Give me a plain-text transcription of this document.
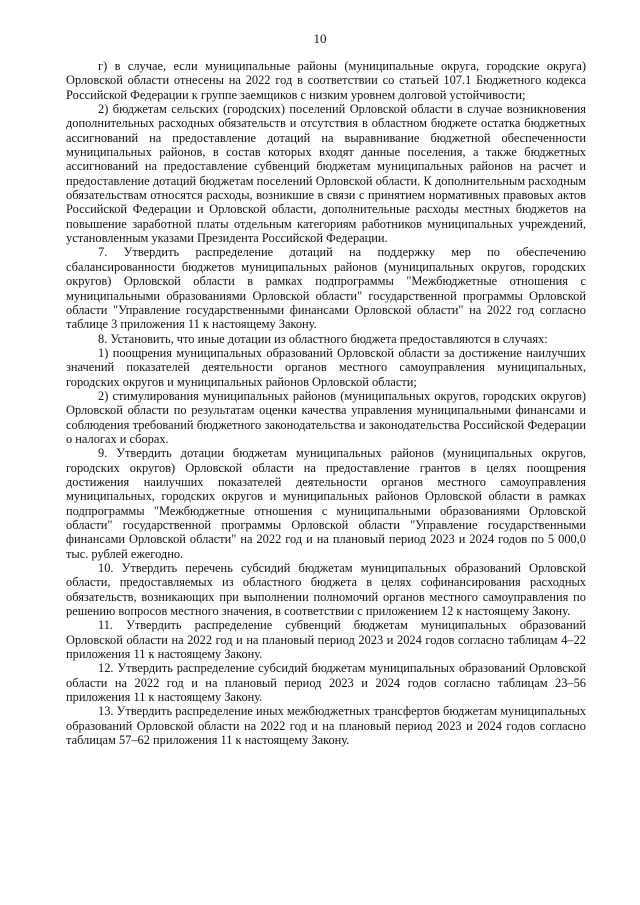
10

г) в случае, если муниципальные районы (муниципальные округа, городские округа) Орловской области отнесены на 2022 год в соответствии со статьей 107.1 Бюджетного кодекса Российской Федерации к группе заемщиков с низким уровнем долговой устойчивости;

2) бюджетам сельских (городских) поселений Орловской области в случае возникновения дополнительных расходных обязательств и отсутствия в областном бюджете остатка бюджетных ассигнований на предоставление дотаций на выравнивание бюджетной обеспеченности муниципальных районов, в состав которых входят данные поселения, а также бюджетных ассигнований на предоставление субвенций бюджетам муниципальных районов на расчет и предоставление дотаций бюджетам поселений Орловской области. К дополнительным расходным обязательствам относятся расходы, возникшие в связи с принятием нормативных правовых актов Российской Федерации и Орловской области, дополнительные расходы местных бюджетов на повышение заработной платы отдельным категориям работников муниципальных учреждений, установленным указами Президента Российской Федерации.

7. Утвердить распределение дотаций на поддержку мер по обеспечению сбалансированности бюджетов муниципальных районов (муниципальных округов, городских округов) Орловской области в рамках подпрограммы "Межбюджетные отношения с муниципальными образованиями Орловской области" государственной программы Орловской области "Управление государственными финансами Орловской области" на 2022 год согласно таблице 3 приложения 11 к настоящему Закону.

8. Установить, что иные дотации из областного бюджета предоставляются в случаях:

1) поощрения муниципальных образований Орловской области за достижение наилучших значений показателей деятельности органов местного самоуправления муниципальных, городских округов и муниципальных районов Орловской области;

2) стимулирования муниципальных районов (муниципальных округов, городских округов) Орловской области по результатам оценки качества управления муниципальными финансами и соблюдения требований бюджетного законодательства и законодательства Российской Федерации о налогах и сборах.

9. Утвердить дотации бюджетам муниципальных районов (муниципальных округов, городских округов) Орловской области на предоставление грантов в целях поощрения достижения наилучших показателей деятельности органов местного самоуправления муниципальных, городских округов и муниципальных районов Орловской области в рамках подпрограммы "Межбюджетные отношения с муниципальными образованиями Орловской области" государственной программы Орловской области "Управление государственными финансами Орловской области" на 2022 год и на плановый период 2023 и 2024 годов по 5 000,0 тыс. рублей ежегодно.

10. Утвердить перечень субсидий бюджетам муниципальных образований Орловской области, предоставляемых из областного бюджета в целях софинансирования расходных обязательств, возникающих при выполнении полномочий органов местного самоуправления по решению вопросов местного значения, в соответствии с приложением 12 к настоящему Закону.

11. Утвердить распределение субвенций бюджетам муниципальных образований Орловской области на 2022 год и на плановый период 2023 и 2024 годов согласно таблицам 4–22 приложения 11 к настоящему Закону.

12. Утвердить распределение субсидий бюджетам муниципальных образований Орловской области на 2022 год и на плановый период 2023 и 2024 годов согласно таблицам 23–56 приложения 11 к настоящему Закону.

13. Утвердить распределение иных межбюджетных трансфертов бюджетам муниципальных образований Орловской области на 2022 год и на плановый период 2023 и 2024 годов согласно таблицам 57–62 приложения 11 к настоящему Закону.
